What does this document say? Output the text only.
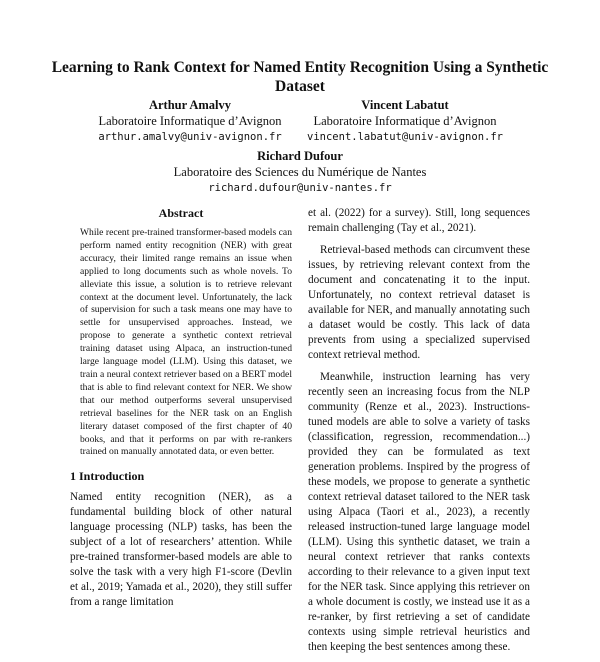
Learning to Rank Context for Named Entity Recognition Using a Synthetic Dataset
Arthur Amalvy
Laboratoire Informatique d’Avignon
arthur.amalvy@univ-avignon.fr
Vincent Labatut
Laboratoire Informatique d’Avignon
vincent.labatut@univ-avignon.fr
Richard Dufour
Laboratoire des Sciences du Numérique de Nantes
richard.dufour@univ-nantes.fr
Abstract

While recent pre-trained transformer-based models can perform named entity recognition (NER) with great accuracy, their limited range remains an issue when applied to long documents such as whole novels. To alleviate this issue, a solution is to retrieve relevant context at the document level. Unfortunately, the lack of supervision for such a task means one may have to settle for unsupervised approaches. Instead, we propose to generate a synthetic context retrieval training dataset using Alpaca, an instruction-tuned large language model (LLM). Using this dataset, we train a neural context retriever based on a BERT model that is able to find relevant context for NER. We show that our method outperforms several unsupervised retrieval baselines for the NER task on an English literary dataset composed of the first chapter of 40 books, and that it performs on par with re-rankers trained on manually annotated data, or even better.

1 Introduction

Named entity recognition (NER), as a fundamental building block of other natural language processing (NLP) tasks, has been the subject of a lot of researchers’ attention. While pre-trained transformer-based models are able to solve the task with a very high F1-score (Devlin et al., 2019; Yamada et al., 2020), they still suffer from a range limitation

et al. (2022) for a survey). Still, long sequences remain challenging (Tay et al., 2021).

Retrieval-based methods can circumvent these issues, by retrieving relevant context from the document and concatenating it to the input. Unfortunately, no context retrieval dataset is available for NER, and manually annotating such a dataset would be costly. This lack of data prevents from using a specialized supervised context retrieval method.

Meanwhile, instruction learning has very recently seen an increasing focus from the NLP community (Renze et al., 2023). Instructions-tuned models are able to solve a variety of tasks (classification, regression, recommendation...) provided they can be formulated as text generation problems. Inspired by the progress of these models, we propose to generate a synthetic context retrieval dataset tailored to the NER task using Alpaca (Taori et al., 2023), a recently released instruction-tuned large language model (LLM). Using this synthetic dataset, we train a neural context retriever that ranks contexts according to their relevance to a given input text for the NER task. Since applying this retriever on a whole document is costly, we instead use it as a re-ranker, by first retrieving a set of candidate contexts using simple retrieval heuristics and then keeping the best sentences among these.
